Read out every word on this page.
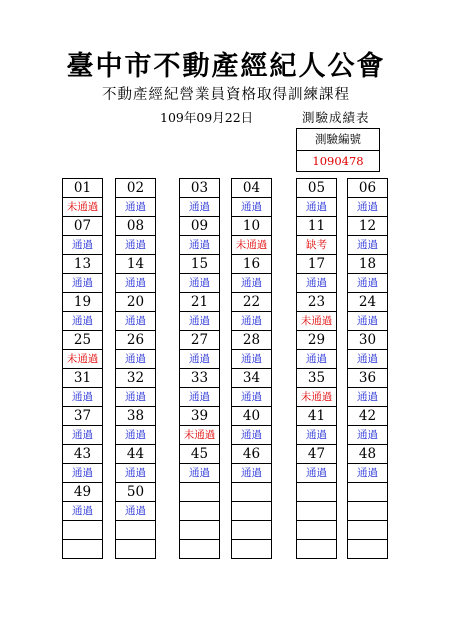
臺中市不動產經紀人公會
不動產經紀營業員資格取得訓練課程
109年09月22日	測驗成績表
測驗編號
1090478
01
未通過
07
通過
13
通過
19
通過
25
未通過
31
通過
37
通過
43
通過
49
通過
02
通過
08
通過
14
通過
20
通過
26
通過
32
通過
38
通過
44
通過
50
通過
03
通過
09
通過
15
通過
21
通過
27
通過
33
通過
39
未通過
45
通過
04
通過
10
未通過
16
通過
22
通過
28
通過
34
通過
40
通過
46
通過
05
通過
11
缺考
17
通過
23
未通過
29
通過
35
未通過
41
通過
47
通過
06
通過
12
通過
18
通過
24
通過
30
通過
36
通過
42
通過
48
通過
